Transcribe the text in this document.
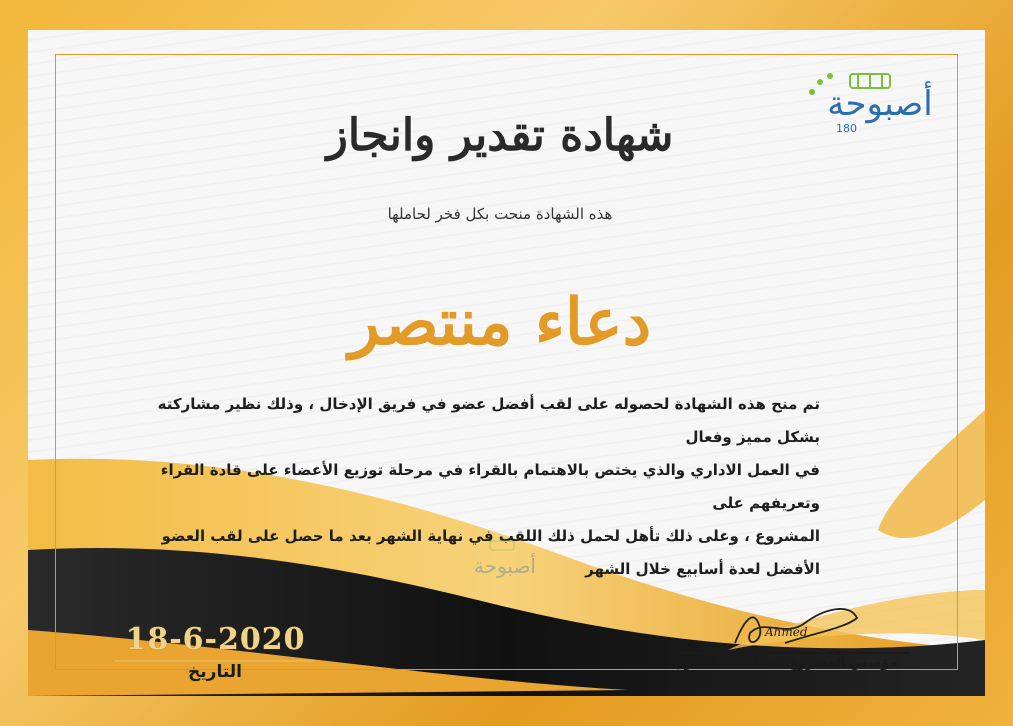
أصبوحة
180
شهادة تقدير وانجاز
هذه الشهادة منحت بكل فخر لحاملها
دعاء منتصر
تم منح هذه الشهادة لحصوله على لقب أفضل عضو في فريق الإدخال ، وذلك نظير مشاركته بشكل مميز وفعال
في العمل الاداري والذي يختص بالاهتمام بالقراء في مرحلة توزيع الأعضاء على قادة القراء وتعريفهم على
المشروع ، وعلى ذلك تأهل لحمل ذلك اللقب في نهاية الشهر بعد ما حصل على لقب العضو
الأفضل لعدة أسابيع خلال الشهر
أصبوحة
18-6-2020
التاريخ
Ahmed
مؤسس المشروع : د. أحمد الشمري
